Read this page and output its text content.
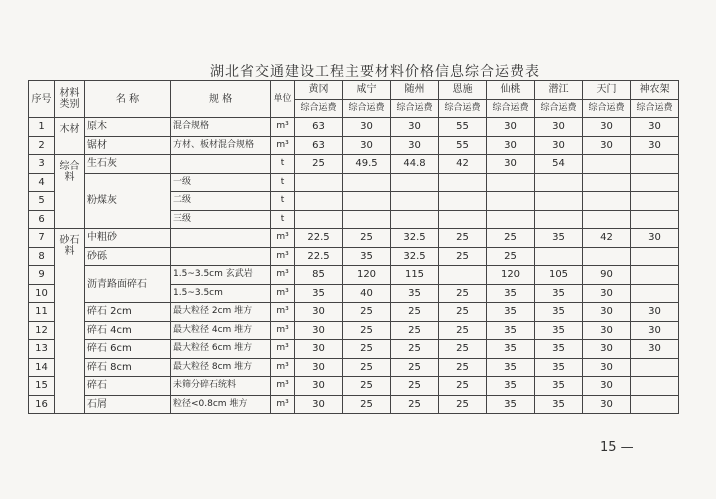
湖北省交通建设工程主要材料价格信息综合运费表
序号	材料类别	名 称	规 格	单位	黄冈	咸宁	随州	恩施	仙桃	潜江	天门	神农架
					综合运费	综合运费	综合运费	综合运费	综合运费	综合运费	综合运费	综合运费
1	木材	原木	混合规格	m³	63	30	30	55	30	30	30	30
2		锯材	方材、板材混合规格	m³	63	30	30	55	30	30	30	30
3	综合料	生石灰		t	25	49.5	44.8	42	30	54		
4		粉煤灰	一级	t								
5			二级	t								
6			三级	t								
7	砂石料	中粗砂		m³	22.5	25	32.5	25	25	35	42	30
8		砂砾		m³	22.5	35	32.5	25	25			
9		沥青路面碎石	1.5~3.5cm 玄武岩	m³	85	120	115		120	105	90	
10			1.5~3.5cm	m³	35	40	35	25	35	35	30	
11		碎石 2cm	最大粒径 2cm 堆方	m³	30	25	25	25	35	35	30	30
12		碎石 4cm	最大粒径 4cm 堆方	m³	30	25	25	25	35	35	30	30
13		碎石 6cm	最大粒径 6cm 堆方	m³	30	25	25	25	35	35	30	30
14		碎石 8cm	最大粒径 8cm 堆方	m³	30	25	25	25	35	35	30	
15		碎石	未筛分碎石统料	m³	30	25	25	25	35	35	30	
16		石屑	粒径<0.8cm 堆方	m³	30	25	25	25	35	35	30	
15 —
